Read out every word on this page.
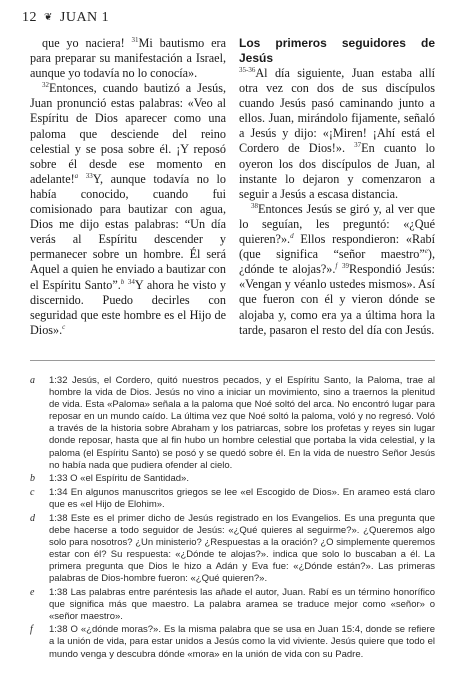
12 ❦ JUAN 1

que yo naciera! $^{31}$Mi bautismo era para preparar su manifestación a Israel, aunque yo todavía no lo conocía».

$^{32}$Entonces, cuando bautizó a Jesús, Juan pronunció estas palabras: «Veo al Espíritu de Dios aparecer como una paloma que desciende del reino celestial y se posa sobre él. ¡Y reposó sobre él desde ese momento en adelante!$^a$ $^{33}$Y, aunque todavía no lo había conocido, cuando fui comisionado para bautizar con agua, Dios me dijo estas palabras: “Un día verás al Espíritu descender y permanecer sobre un hombre. Él será Aquel a quien he enviado a bautizar con el Espíritu Santo”.$^b$ $^{34}$Y ahora he visto y discernido. Puedo decirles con seguridad que este hombre es el Hijo de Dios».$^c$

Los primeros seguidores de Jesús

$^{35-36}$Al día siguiente, Juan estaba allí otra vez con dos de sus discípulos cuando Jesús pasó caminando junto a ellos. Juan, mirándolo fijamente, señaló a Jesús y dijo: «¡Miren! ¡Ahí está el Cordero de Dios!». $^{37}$En cuanto lo oyeron los dos discípulos de Juan, al instante lo dejaron y comenzaron a seguir a Jesús a escasa distancia.

$^{38}$Entonces Jesús se giró y, al ver que lo seguían, les preguntó: «¿Qué quieren?».$^d$ Ellos respondieron: «Rabí (que significa “señor maestro”$^e$), ¿dónde te alojas?».$^f$ $^{39}$Respondió Jesús: «Vengan y véanlo ustedes mismos». Así que fueron con él y vieron dónde se alojaba y, como era ya a última hora la tarde, pasaron el resto del día con Jesús.

a	1:32 Jesús, el Cordero, quitó nuestros pecados, y el Espíritu Santo, la Paloma, trae al hombre la vida de Dios. Jesús no vino a iniciar un movimiento, sino a traernos la plenitud de vida. Esta «Paloma» señala a la paloma que Noé soltó del arca. No encontró lugar para reposar en un mundo caído. La última vez que Noé soltó la paloma, voló y no regresó. Voló a través de la historia sobre Abraham y los patriarcas, sobre los profetas y reyes sin lugar donde reposar, hasta que al fin hubo un hombre celestial que portaba la vida celestial, y la paloma (el Espíritu Santo) se posó y se quedó sobre él. En la vida de nuestro Señor Jesús no había nada que pudiera ofender al cielo.
b	1:33 O «el Espíritu de Santidad».
c	1:34 En algunos manuscritos griegos se lee «el Escogido de Dios». En arameo está claro que es «el Hijo de Elohim».
d	1:38 Este es el primer dicho de Jesús registrado en los Evangelios. Es una pregunta que debe hacerse a todo seguidor de Jesús: «¿Qué quieres al seguirme?». ¿Queremos algo solo para nosotros? ¿Un ministerio? ¿Respuestas a la oración? ¿O simplemente queremos estar con él? Su respuesta: «¿Dónde te alojas?». indica que solo lo buscaban a él. La primera pregunta que Dios le hizo a Adán y Eva fue: «¿Dónde están?». Las primeras palabras de Dios-hombre fueron: «¿Qué quieren?».
e	1:38 Las palabras entre paréntesis las añade el autor, Juan. Rabí es un término honorífico que significa más que maestro. La palabra aramea se traduce mejor como «señor» o «señor maestro».
f	1:38 O «¿dónde moras?». Es la misma palabra que se usa en Juan 15:4, donde se refiere a la unión de vida, para estar unidos a Jesús como la vid viviente. Jesús quiere que todo el mundo venga y descubra dónde «mora» en la unión de vida con su Padre.
